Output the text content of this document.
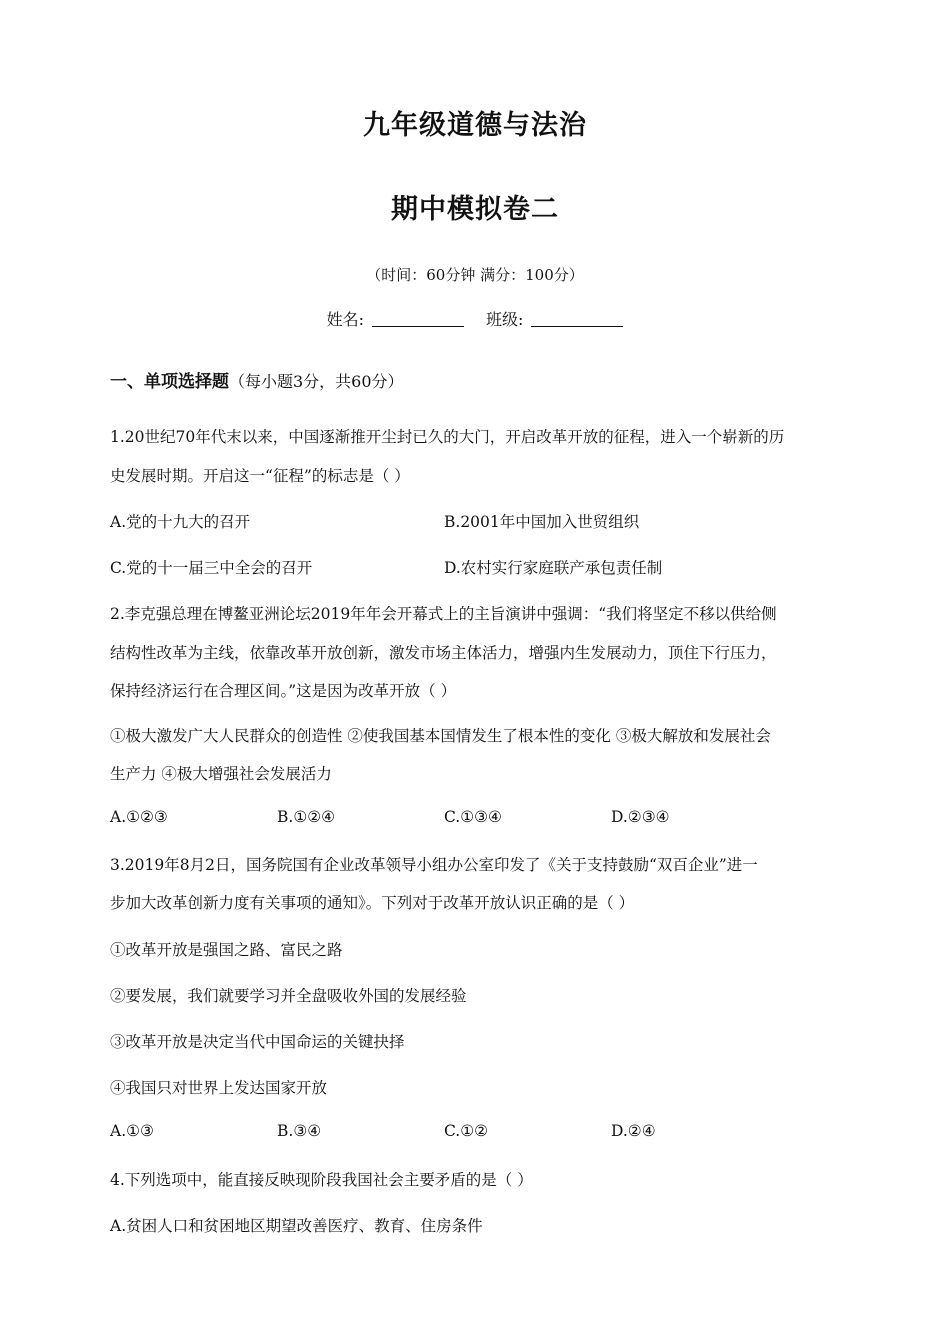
九年级道德与法治
期中模拟卷二
（时间：60分钟 满分：100分）
姓名:	班级:
一、单项选择题（每小题3分，共60分）
1.20世纪70年代末以来，中国逐渐推开尘封已久的大门，开启改革开放的征程，进入一个崭新的历
史发展时期。开启这一“征程”的标志是（ ）
A.党的十九大的召开	B.2001年中国加入世贸组织
C.党的十一届三中全会的召开	D.农村实行家庭联产承包责任制
2.李克强总理在博鳌亚洲论坛2019年年会开幕式上的主旨演讲中强调：“我们将坚定不移以供给侧
结构性改革为主线，依靠改革开放创新，激发市场主体活力，增强内生发展动力，顶住下行压力，
保持经济运行在合理区间。”这是因为改革开放（ ）
①极大激发广大人民群众的创造性 ②使我国基本国情发生了根本性的变化 ③极大解放和发展社会
生产力 ④极大增强社会发展活力
A.①②③	B.①②④	C.①③④	D.②③④
3.2019年8月2日，国务院国有企业改革领导小组办公室印发了《关于支持鼓励“双百企业”进一
步加大改革创新力度有关事项的通知》。下列对于改革开放认识正确的是（ ）
①改革开放是强国之路、富民之路
②要发展，我们就要学习并全盘吸收外国的发展经验
③改革开放是决定当代中国命运的关键抉择
④我国只对世界上发达国家开放
A.①③	B.③④	C.①②	D.②④
4.下列选项中，能直接反映现阶段我国社会主要矛盾的是（ ）
A.贫困人口和贫困地区期望改善医疗、教育、住房条件
